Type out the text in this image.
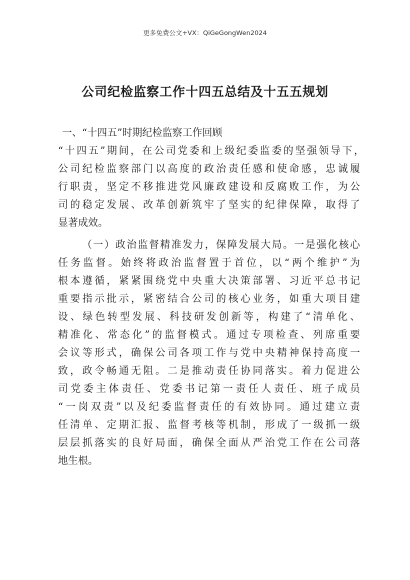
更多免费公文+VX：QiGeGongWen2024
公司纪检监察工作十四五总结及十五五规划
一、“十四五”时期纪检监察工作回顾
“十四五”期间，在公司党委和上级纪委监委的坚强领导下，
公司纪检监察部门以高度的政治责任感和使命感，忠诚履
行职责，坚定不移推进党风廉政建设和反腐败工作，为公
司的稳定发展、改革创新筑牢了坚实的纪律保障，取得了
显著成效。
（一）政治监督精准发力，保障发展大局。一是强化核心
任务监督。始终将政治监督置于首位，以“两个维护”为
根本遵循，紧紧围绕党中央重大决策部署、习近平总书记
重要指示批示，紧密结合公司的核心业务，如重大项目建
设、绿色转型发展、科技研发创新等，构建了“清单化、
精准化、常态化”的监督模式。通过专项检查、列席重要
会议等形式，确保公司各项工作与党中央精神保持高度一
致，政令畅通无阻。二是推动责任协同落实。着力促进公
司党委主体责任、党委书记第一责任人责任、班子成员
“一岗双责”以及纪委监督责任的有效协同。通过建立责
任清单、定期汇报、监督考核等机制，形成了一级抓一级
层层抓落实的良好局面，确保全面从严治党工作在公司落
地生根。
